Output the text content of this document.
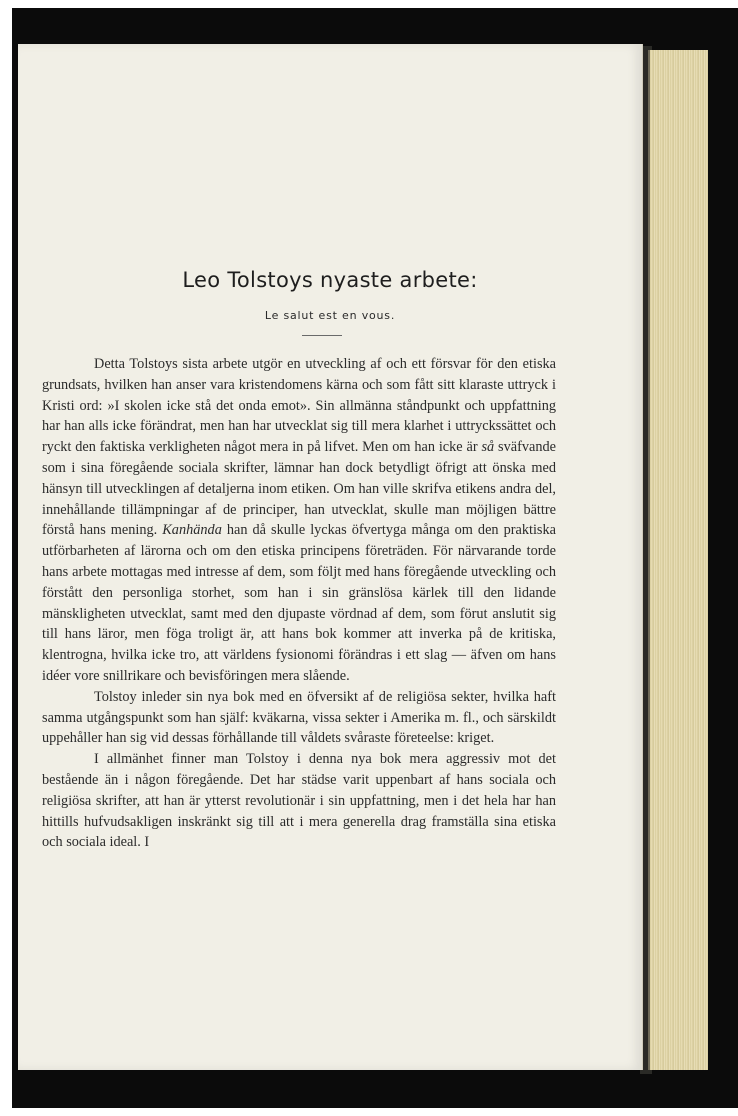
Leo Tolstoys nyaste arbete:
Le salut est en vous.

Detta Tolstoys sista arbete utgör en utveckling af och ett försvar för den etiska grundsats, hvilken han anser vara kristendomens kärna och som fått sitt klaraste uttryck i Kristi ord: »I skolen icke stå det onda emot». Sin allmänna ståndpunkt och uppfattning har han alls icke förändrat, men han har utvecklat sig till mera klarhet i uttryckssättet och ryckt den faktiska verkligheten något mera in på lifvet. Men om han icke är så sväfvande som i sina föregående sociala skrifter, lämnar han dock betydligt öfrigt att önska med hänsyn till utvecklingen af detaljerna inom etiken. Om han ville skrifva etikens andra del, innehållande tillämpningar af de principer, han utvecklat, skulle man möjligen bättre förstå hans mening. Kanhända han då skulle lyckas öfvertyga många om den praktiska utförbarheten af lärorna och om den etiska principens företräden. För närvarande torde hans arbete mottagas med intresse af dem, som följt med hans föregående utveckling och förstått den personliga storhet, som han i sin gränslösa kärlek till den lidande mänskligheten utvecklat, samt med den djupaste vördnad af dem, som förut anslutit sig till hans läror, men föga troligt är, att hans bok kommer att inverka på de kritiska, klentrogna, hvilka icke tro, att världens fysionomi förändras i ett slag — äfven om hans idéer vore snillrikare och bevisföringen mera slående.

Tolstoy inleder sin nya bok med en öfversikt af de religiösa sekter, hvilka haft samma utgångspunkt som han själf: kväkarna, vissa sekter i Amerika m. fl., och särskildt uppehåller han sig vid dessas förhållande till våldets svåraste företeelse: kriget.

I allmänhet finner man Tolstoy i denna nya bok mera aggressiv mot det bestående än i någon föregående. Det har städse varit uppenbart af hans sociala och religiösa skrifter, att han är ytterst revolutionär i sin uppfattning, men i det hela har han hittills hufvudsakligen inskränkt sig till att i mera generella drag framställa sina etiska och sociala ideal. I
